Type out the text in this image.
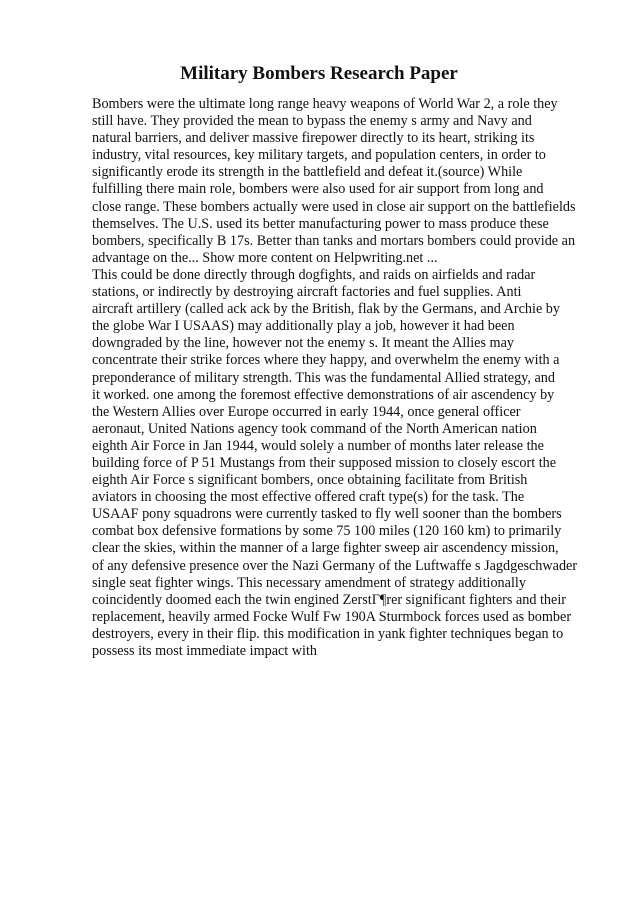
Military Bombers Research Paper
Bombers were the ultimate long range heavy weapons of World War 2, a role they
still have. They provided the mean to bypass the enemy s army and Navy and
natural barriers, and deliver massive firepower directly to its heart, striking its
industry, vital resources, key military targets, and population centers, in order to
significantly erode its strength in the battlefield and defeat it.(source) While
fulfilling there main role, bombers were also used for air support from long and
close range. These bombers actually were used in close air support on the battlefields
themselves. The U.S. used its better manufacturing power to mass produce these
bombers, specifically B 17s. Better than tanks and mortars bombers could provide an
advantage on the... Show more content on Helpwriting.net ...
This could be done directly through dogfights, and raids on airfields and radar
stations, or indirectly by destroying aircraft factories and fuel supplies. Anti
aircraft artillery (called ack ack by the British, flak by the Germans, and Archie by
the globe War I USAAS) may additionally play a job, however it had been
downgraded by the line, however not the enemy s. It meant the Allies may
concentrate their strike forces where they happy, and overwhelm the enemy with a
preponderance of military strength. This was the fundamental Allied strategy, and
it worked. one among the foremost effective demonstrations of air ascendency by
the Western Allies over Europe occurred in early 1944, once general officer
aeronaut, United Nations agency took command of the North American nation
eighth Air Force in Jan 1944, would solely a number of months later release the
building force of P 51 Mustangs from their supposed mission to closely escort the
eighth Air Force s significant bombers, once obtaining facilitate from British
aviators in choosing the most effective offered craft type(s) for the task. The
USAAF pony squadrons were currently tasked to fly well sooner than the bombers
combat box defensive formations by some 75 100 miles (120 160 km) to primarily
clear the skies, within the manner of a large fighter sweep air ascendency mission,
of any defensive presence over the Nazi Germany of the Luftwaffe s Jagdgeschwader
single seat fighter wings. This necessary amendment of strategy additionally
coincidently doomed each the twin engined ZerstГ¶rer significant fighters and their
replacement, heavily armed Focke Wulf Fw 190A Sturmbock forces used as bomber
destroyers, every in their flip. this modification in yank fighter techniques began to
possess its most immediate impact with
